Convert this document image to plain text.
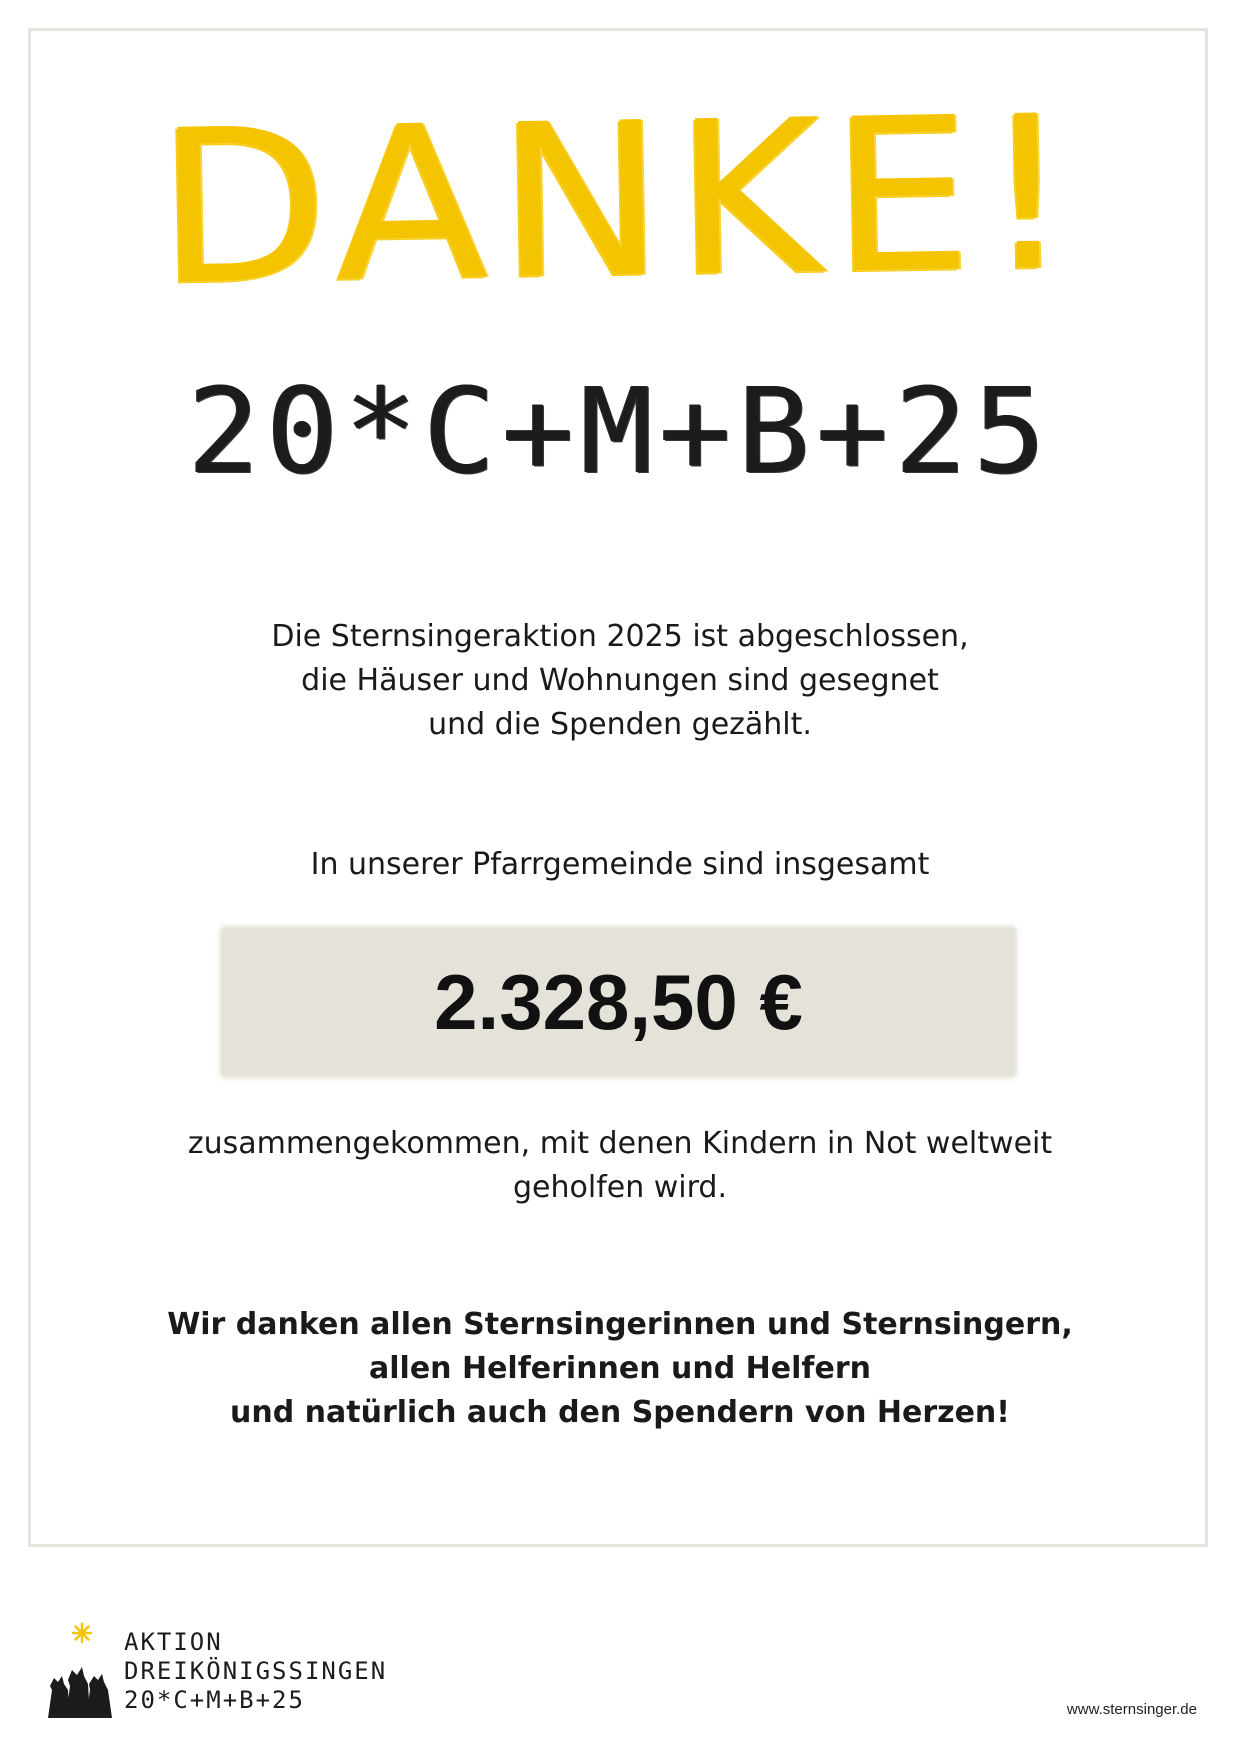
DANKE!
20*C+M+B+25
Die Sternsingeraktion 2025 ist abgeschlossen,
die Häuser und Wohnungen sind gesegnet
und die Spenden gezählt.
In unserer Pfarrgemeinde sind insgesamt
2.328,50 €
zusammengekommen, mit denen Kindern in Not weltweit
geholfen wird.
Wir danken allen Sternsingerinnen und Sternsingern,
allen Helferinnen und Helfern
und natürlich auch den Spendern von Herzen!
AKTION
DREIKÖNIGSSINGEN
20*C+M+B+25	www.sternsinger.de
